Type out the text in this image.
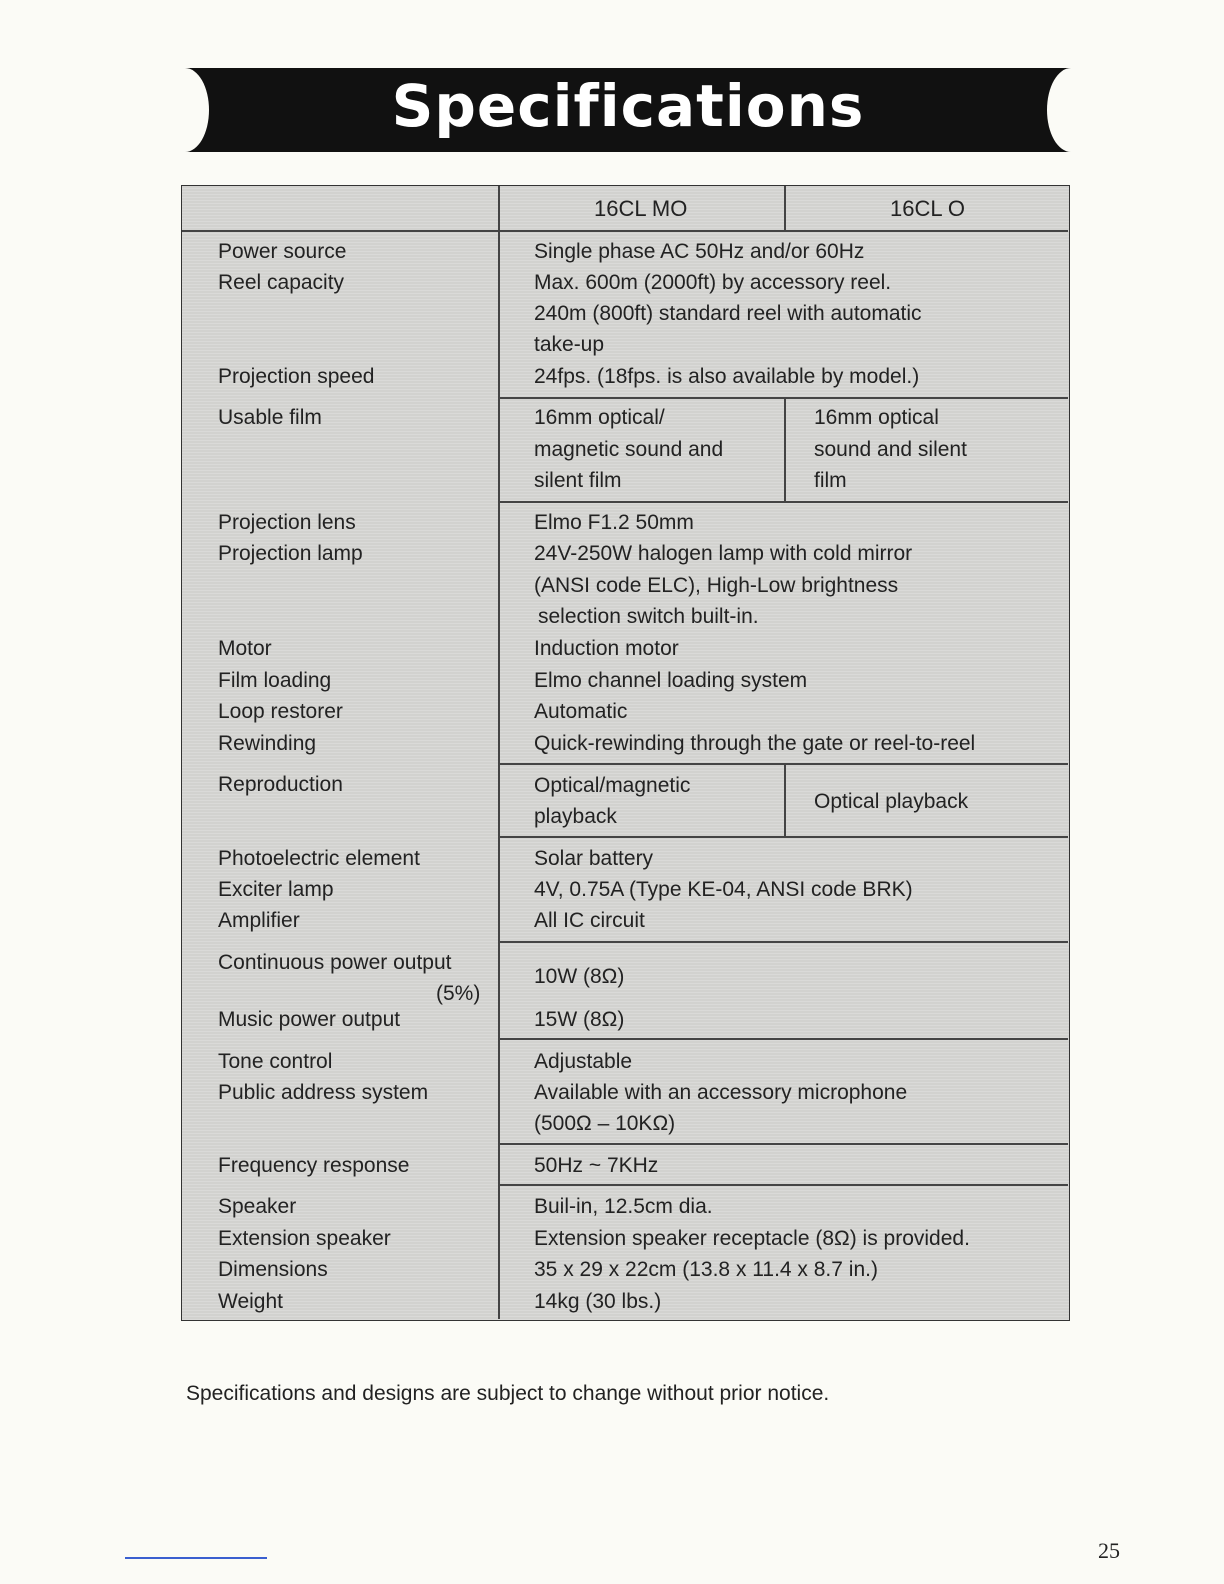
Specifications
16CL MO	16CL O
Power source
Reel capacity
Projection speed
Usable film
Projection lens
Projection lamp
Motor
Film loading
Loop restorer
Rewinding
Reproduction
Photoelectric element
Exciter lamp
Amplifier
Continuous power output
(5%)
Music power output
Tone control
Public address system
Frequency response
Speaker
Extension speaker
Dimensions
Weight
Single phase AC 50Hz and/or 60Hz
Max. 600m (2000ft) by accessory reel.
240m (800ft) standard reel with automatic
take-up
24fps. (18fps. is also available by model.)
16mm optical/
magnetic sound and
silent film
16mm optical
sound and silent
film
Elmo F1.2 50mm
24V-250W halogen lamp with cold mirror
(ANSI code ELC), High-Low brightness
selection switch built-in.
Induction motor
Elmo channel loading system
Automatic
Quick-rewinding through the gate or reel-to-reel
Optical/magnetic
playback
Optical playback
Solar battery
4V, 0.75A (Type KE-04, ANSI code BRK)
All IC circuit
10W (8Ω)
15W (8Ω)
Adjustable
Available with an accessory microphone
(500Ω – 10KΩ)
50Hz ~ 7KHz
Buil-in, 12.5cm dia.
Extension speaker receptacle (8Ω) is provided.
35 x 29 x 22cm (13.8 x 11.4 x 8.7 in.)
14kg (30 lbs.)
Specifications and designs are subject to change without prior notice.
25
